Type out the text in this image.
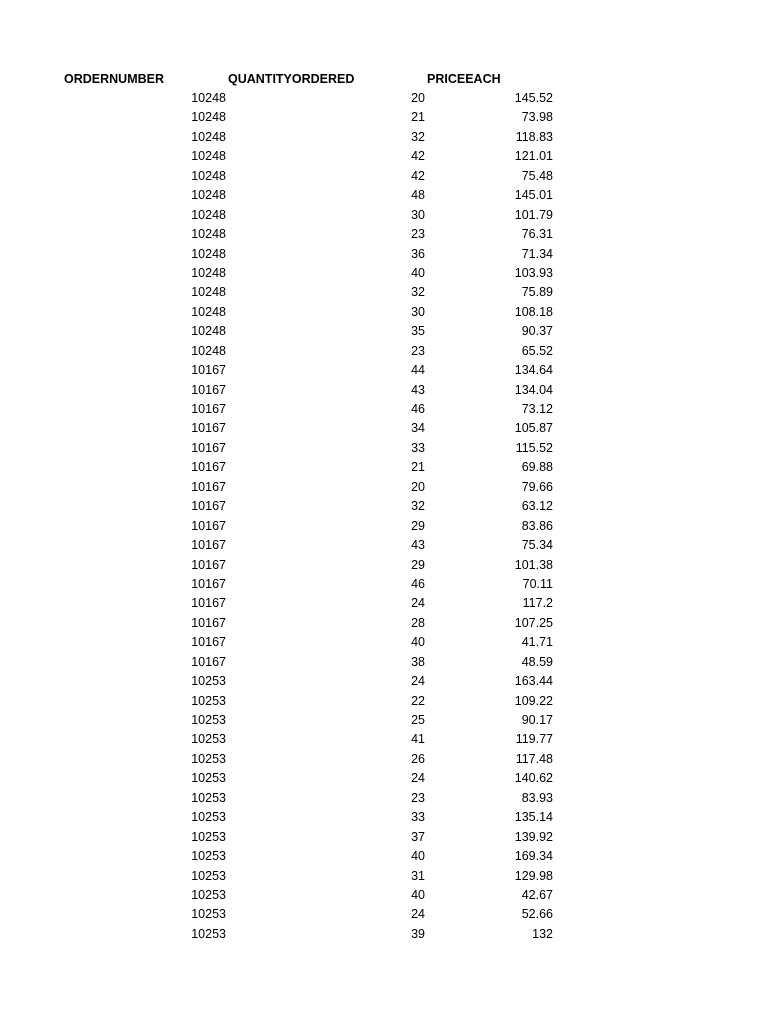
ORDERNUMBER	QUANTITYORDERED	PRICEEACH
10248	20	145.52
10248	21	73.98
10248	32	118.83
10248	42	121.01
10248	42	75.48
10248	48	145.01
10248	30	101.79
10248	23	76.31
10248	36	71.34
10248	40	103.93
10248	32	75.89
10248	30	108.18
10248	35	90.37
10248	23	65.52
10167	44	134.64
10167	43	134.04
10167	46	73.12
10167	34	105.87
10167	33	115.52
10167	21	69.88
10167	20	79.66
10167	32	63.12
10167	29	83.86
10167	43	75.34
10167	29	101.38
10167	46	70.11
10167	24	117.2
10167	28	107.25
10167	40	41.71
10167	38	48.59
10253	24	163.44
10253	22	109.22
10253	25	90.17
10253	41	119.77
10253	26	117.48
10253	24	140.62
10253	23	83.93
10253	33	135.14
10253	37	139.92
10253	40	169.34
10253	31	129.98
10253	40	42.67
10253	24	52.66
10253	39	132
